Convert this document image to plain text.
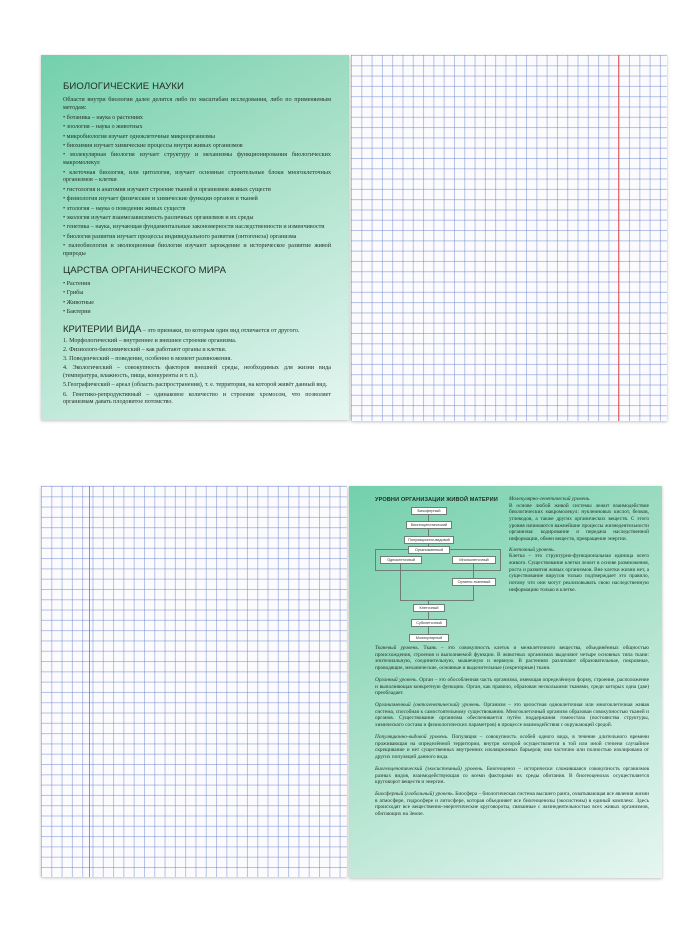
БИОЛОГИЧЕСКИЕ НАУКИ

Области внутри биологии далее делятся либо по масштабам исследования, либо по применяемым методам:

• ботаника – наука о растениях
• зоология – наука о животных
• микробиология изучает одноклеточные микроорганизмы
• биохимия изучает химические процессы внутри живых организмов
• молекулярная биология изучает структуру и механизмы функционирования биологических макромолекул
• клеточная биология, или цитология, изучает основные строительные блоки многоклеточных организмов – клетки
• гистология и анатомия изучают строение тканей и организмов живых существ
• физиология изучает физические и химические функции органов и тканей
• этология – наука о поведении живых существ
• экология изучает взаимозависимость различных организмов и их среды
• генетика – наука, изучающая фундаментальные закономерности наследственности и изменчивости
• биология развития изучает процессы индивидуального развития (онтогенеза) организма
• палеобиология и эволюционная биология изучают зарождение и историческое развитие живой природы
ЦАРСТВА ОРГАНИЧЕСКОГО МИРА
• Растения
• Грибы
• Животные
• Бактерии

КРИТЕРИИ ВИДА – это признаки, по которым один вид отличается от другого.

1. Морфологический – внутреннее и внешнее строение организма.
2. Физиолого-биохимический – как работают органы и клетки.
3. Поведенческий – поведение, особенно в момент размножения.
4. Экологический – совокупность факторов внешней среды, необходимых для жизни вида (температура, влажность, пища, конкуренты и т. п.).
5.Географический – ареал (область распространения), т. е. территория, на которой живёт данный вид.
6. Генетико-репродуктивный – одинаковое количество и строение хромосом, что позволяет организмам давать плодовитое потомство.
УРОВНИ ОРГАНИЗАЦИИ ЖИВОЙ МАТЕРИИ
Биосферный
Биогеоценотический
Популяционно-видовой
Организменный
Одноклеточный	Многоклеточный
Органно-тканевый
Клеточный
Субклеточный
Молекулярный

Молекулярно-генетический уровень.

В основе любой живой системы лежит взаимодействие биологических макромолекул: нуклеиновых кислот, белков, углеводов, а также других органических веществ. С этого уровня начинаются важнейшие процессы жизнедеятельности организма: кодирование и передача наследственной информации, обмен веществ, превращение энергии.

Клеточный уровень.

Клетка – это структурно-функциональная единица всего живого. Существование клетки лежит в основе размножения, роста и развития живых организмов. Вне клетки жизни нет, а существование вирусов только подтверждает это правило, потому что они могут реализовывать свою наследственную информацию только в клетке.

Тканевый уровень. Ткань – это совокупность клеток и межклеточного вещества, объединённых общностью происхождения, строения и выполняемой функции. В животных организмах выделяют четыре основных типа ткани: эпителиальную, соединительную, мышечную и нервную. В растениях различают образовательные, покровные, проводящие, механические, основные и выделительные (секреторные) ткани.

Органный уровень. Орган – это обособленная часть организма, имеющая определённую форму, строение, расположение и выполняющая конкретную функцию. Орган, как правило, образован несколькими тканями, среди которых одна (две) преобладает.

Организменный (онтогенетический) уровень. Организм – это целостная одноклеточная или многоклеточная живая система, способная к самостоятельному существованию. Многоклеточный организм образован совокупностью тканей и органов. Существование организма обеспечивается путём поддержания гомеостаза (постоянства структуры, химического состава и физиологических параметров) в процессе взаимодействия с окружающей средой.

Популяционно-видовой уровень. Популяция – совокупность особей одного вида, в течение длительного времени проживающая на определённой территории, внутри которой осуществляется в той или иной степени случайное скрещивание и нет существенных внутренних изоляционных барьеров; она частично или полностью изолирована от других популяций данного вида.

Биогеоценотический (экосистемный) уровень. Биогеоценоз – исторически сложившаяся совокупность организмов разных видов, взаимодействующая со всеми факторами их среды обитания. В биогеоценозах осуществляется круговорот веществ и энергии.

Биосферный (глобальный) уровень. Биосфера – биологическая система высшего ранга, охватывающая все явления жизни в атмосфере, гидросфере и литосфере, которая объединяет все биогеоценозы (экосистемы) в единый комплекс. Здесь происходят все вещественно-энергетические круговороты, связанные с жизнедеятельностью всех живых организмов, обитающих на Земле.
